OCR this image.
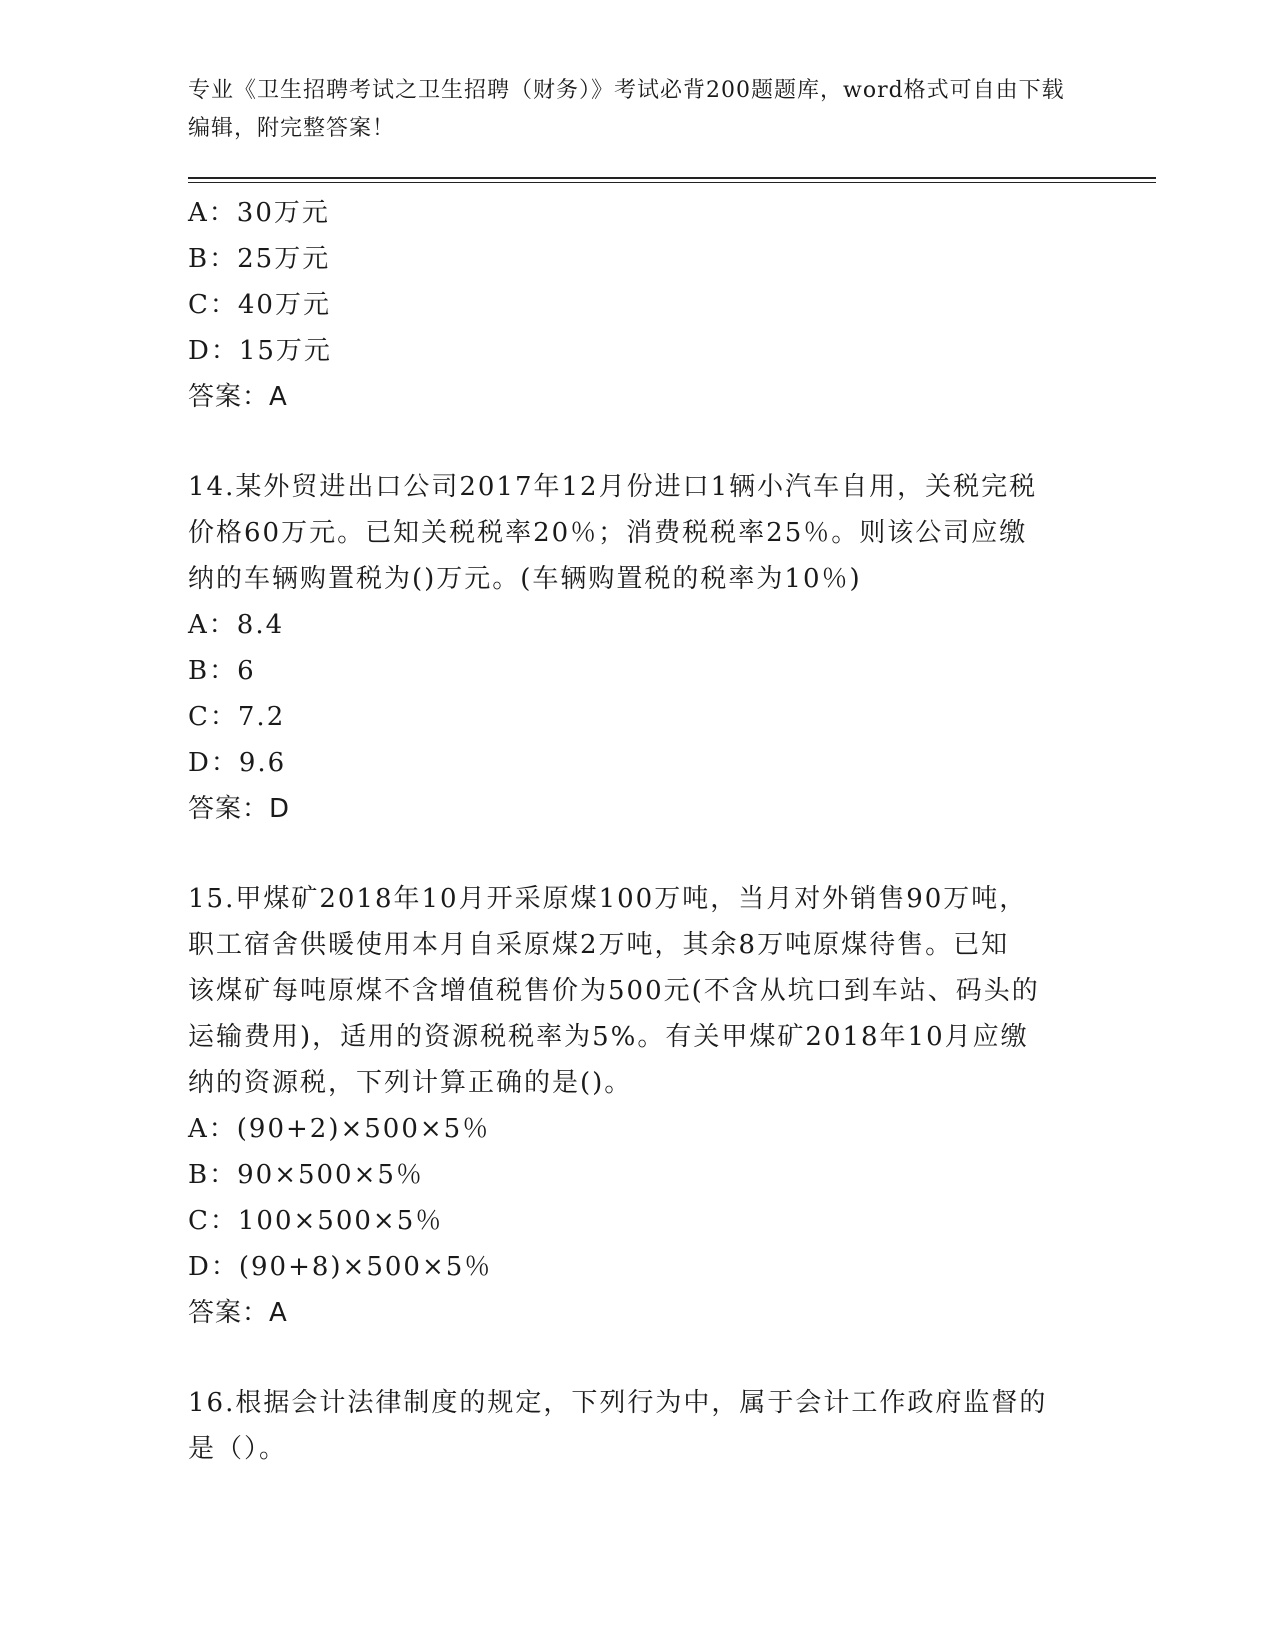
专业《卫生招聘考试之卫生招聘（财务）》考试必背200题题库，word格式可自由下载编辑，附完整答案！

A：30万元

B：25万元

C：40万元

D：15万元

答案：A

14.某外贸进出口公司2017年12月份进口1辆小汽车自用，关税完税

价格60万元。已知关税税率20％；消费税税率25％。则该公司应缴

纳的车辆购置税为()万元。(车辆购置税的税率为10％)

A：8.4

B：6

C：7.2

D：9.6

答案：D

15.甲煤矿2018年10月开采原煤100万吨，当月对外销售90万吨，

职工宿舍供暖使用本月自采原煤2万吨，其余8万吨原煤待售。已知

该煤矿每吨原煤不含增值税售价为500元(不含从坑口到车站、码头的

运输费用)，适用的资源税税率为5%。有关甲煤矿2018年10月应缴

纳的资源税，下列计算正确的是()。

A：(90+2)×500×5％

B：90×500×5％

C：100×500×5％

D：(90+8)×500×5％

答案：A

16.根据会计法律制度的规定，下列行为中，属于会计工作政府监督的

是（）。
